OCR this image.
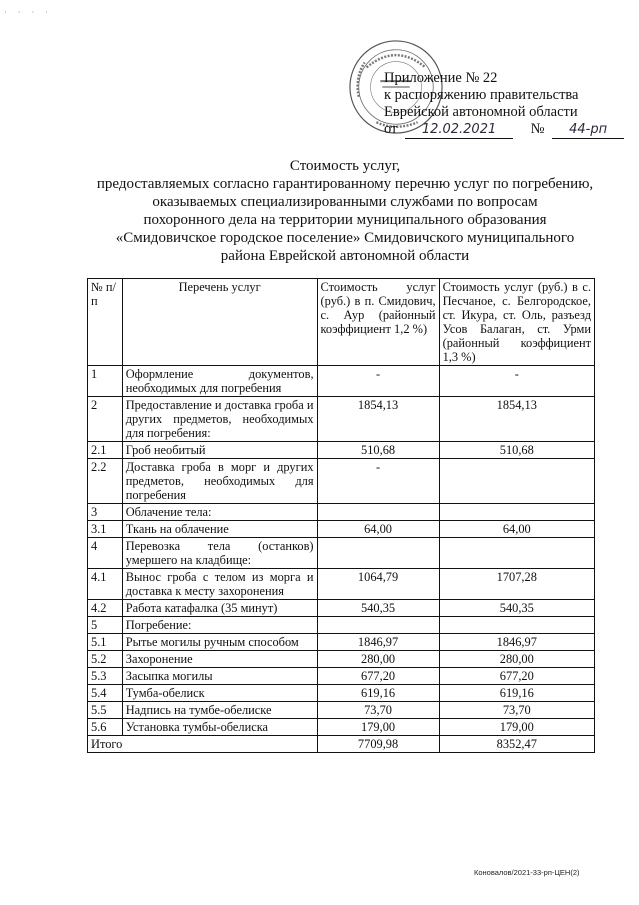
· · · ·
Приложение № 22
к распоряжению правительства
Еврейской автономной области
от 12.02.2021 № 44-рп
Стоимость услуг,
предоставляемых согласно гарантированному перечню услуг по погребению,
оказываемых специализированными службами по вопросам
похоронного дела на территории муниципального образования
«Смидовичское городское поселение» Смидовичского муниципального
района Еврейской автономной области
№ п/п	Перечень услуг	Стоимость услуг (руб.) в п. Смидович, с. Аур (районный коэффициент 1,2 %)	Стоимость услуг (руб.) в с. Песчаное, с. Белгородское, ст. Икура, ст. Оль, разъезд Усов Балаган, ст. Урми (районный коэффициент 1,3 %)
1	Оформление документов, необходимых для погребения	-	-
2	Предоставление и доставка гроба и других предметов, необходимых для погребения:	1854,13	1854,13
2.1	Гроб необитый	510,68	510,68
2.2	Доставка гроба в морг и других предметов, необходимых для погребения	-	
3	Облачение тела:		
3.1	Ткань на облачение	64,00	64,00
4	Перевозка тела (останков) умершего на кладбище:		
4.1	Вынос гроба с телом из морга и доставка к месту захоронения	1064,79	1707,28
4.2	Работа катафалка (35 минут)	540,35	540,35
5	Погребение:		
5.1	Рытье могилы ручным способом	1846,97	1846,97
5.2	Захоронение	280,00	280,00
5.3	Засыпка могилы	677,20	677,20
5.4	Тумба-обелиск	619,16	619,16
5.5	Надпись на тумбе-обелиске	73,70	73,70
5.6	Установка тумбы-обелиска	179,00	179,00
Итого		7709,98	8352,47
Коновалов/2021-33-рп-ЦЕН(2)
